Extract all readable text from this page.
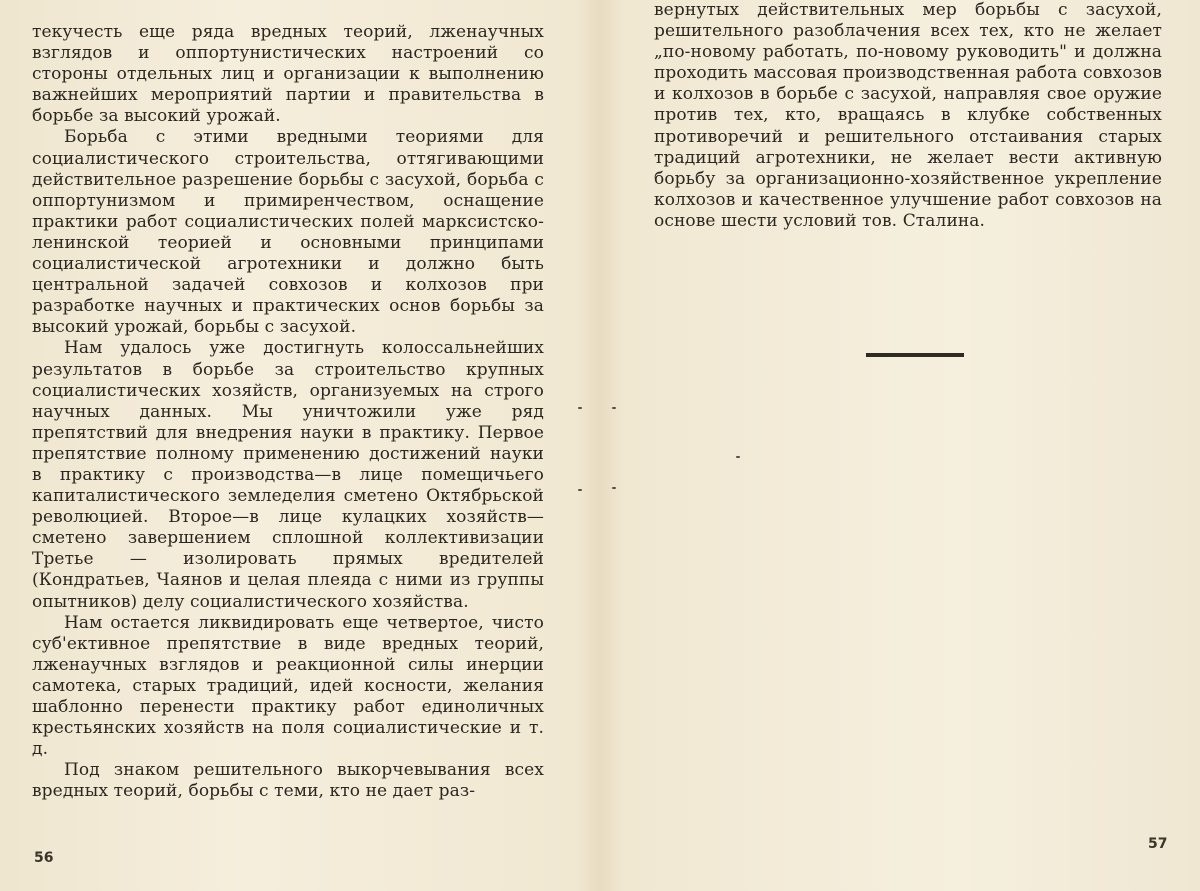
текучесть еще ряда вредных теорий, лженаучных взглядов и оппортунистических настроений со стороны отдельных лиц и организации к выполнению важнейших мероприятий партии и правительства в борьбе за высокий урожай.

Борьба с этими вредными теориями для социалистического строительства, оттягивающими действительное разрешение борьбы с засухой, борьба с оппортунизмом и примиренчеством, оснащение практики работ социалистических полей марксистско-ленинской теорией и основными принципами социалистической агротехники и должно быть центральной задачей совхозов и колхозов при разработке научных и практических основ борьбы за высокий урожай, борьбы с засухой.

Нам удалось уже достигнуть колоссальнейших результатов в борьбе за строительство крупных социалистических хозяйств, организуемых на строго научных данных. Мы уничтожили уже ряд препятствий для внедрения науки в практику. Первое препятствие полному применению достижений науки в практику с производства—в лице помещичьего капиталистического земледелия сметено Октябрьской революцией. Второе—в лице кулацких хозяйств—сметено завершением сплошной коллективизации Третье — изолировать прямых вредителей (Кондратьев, Чаянов и целая плеяда с ними из группы опытников) делу социалистического хозяйства.

Нам остается ликвидировать еще четвертое, чисто суб'ективное препятствие в виде вредных теорий, лженаучных взглядов и реакционной силы инерции самотека, старых традиций, идей косности, желания шаблонно перенести практику работ единоличных крестьянских хозяйств на поля социалистические и т. д.

Под знаком решительного выкорчевывания всех вредных теорий, борьбы с теми, кто не дает раз-

56

вернутых действительных мер борьбы с засухой, решительного разоблачения всех тех, кто не желает „по-новому работать, по-новому руководить" и должна проходить массовая производственная работа совхозов и колхозов в борьбе с засухой, направляя свое оружие против тех, кто, вращаясь в клубке собственных противоречий и решительного отстаивания старых традиций агротехники, не желает вести активную борьбу за организационно-хозяйственное укрепление колхозов и качественное улучшение работ совхозов на основе шести условий тов. Сталина.

57
